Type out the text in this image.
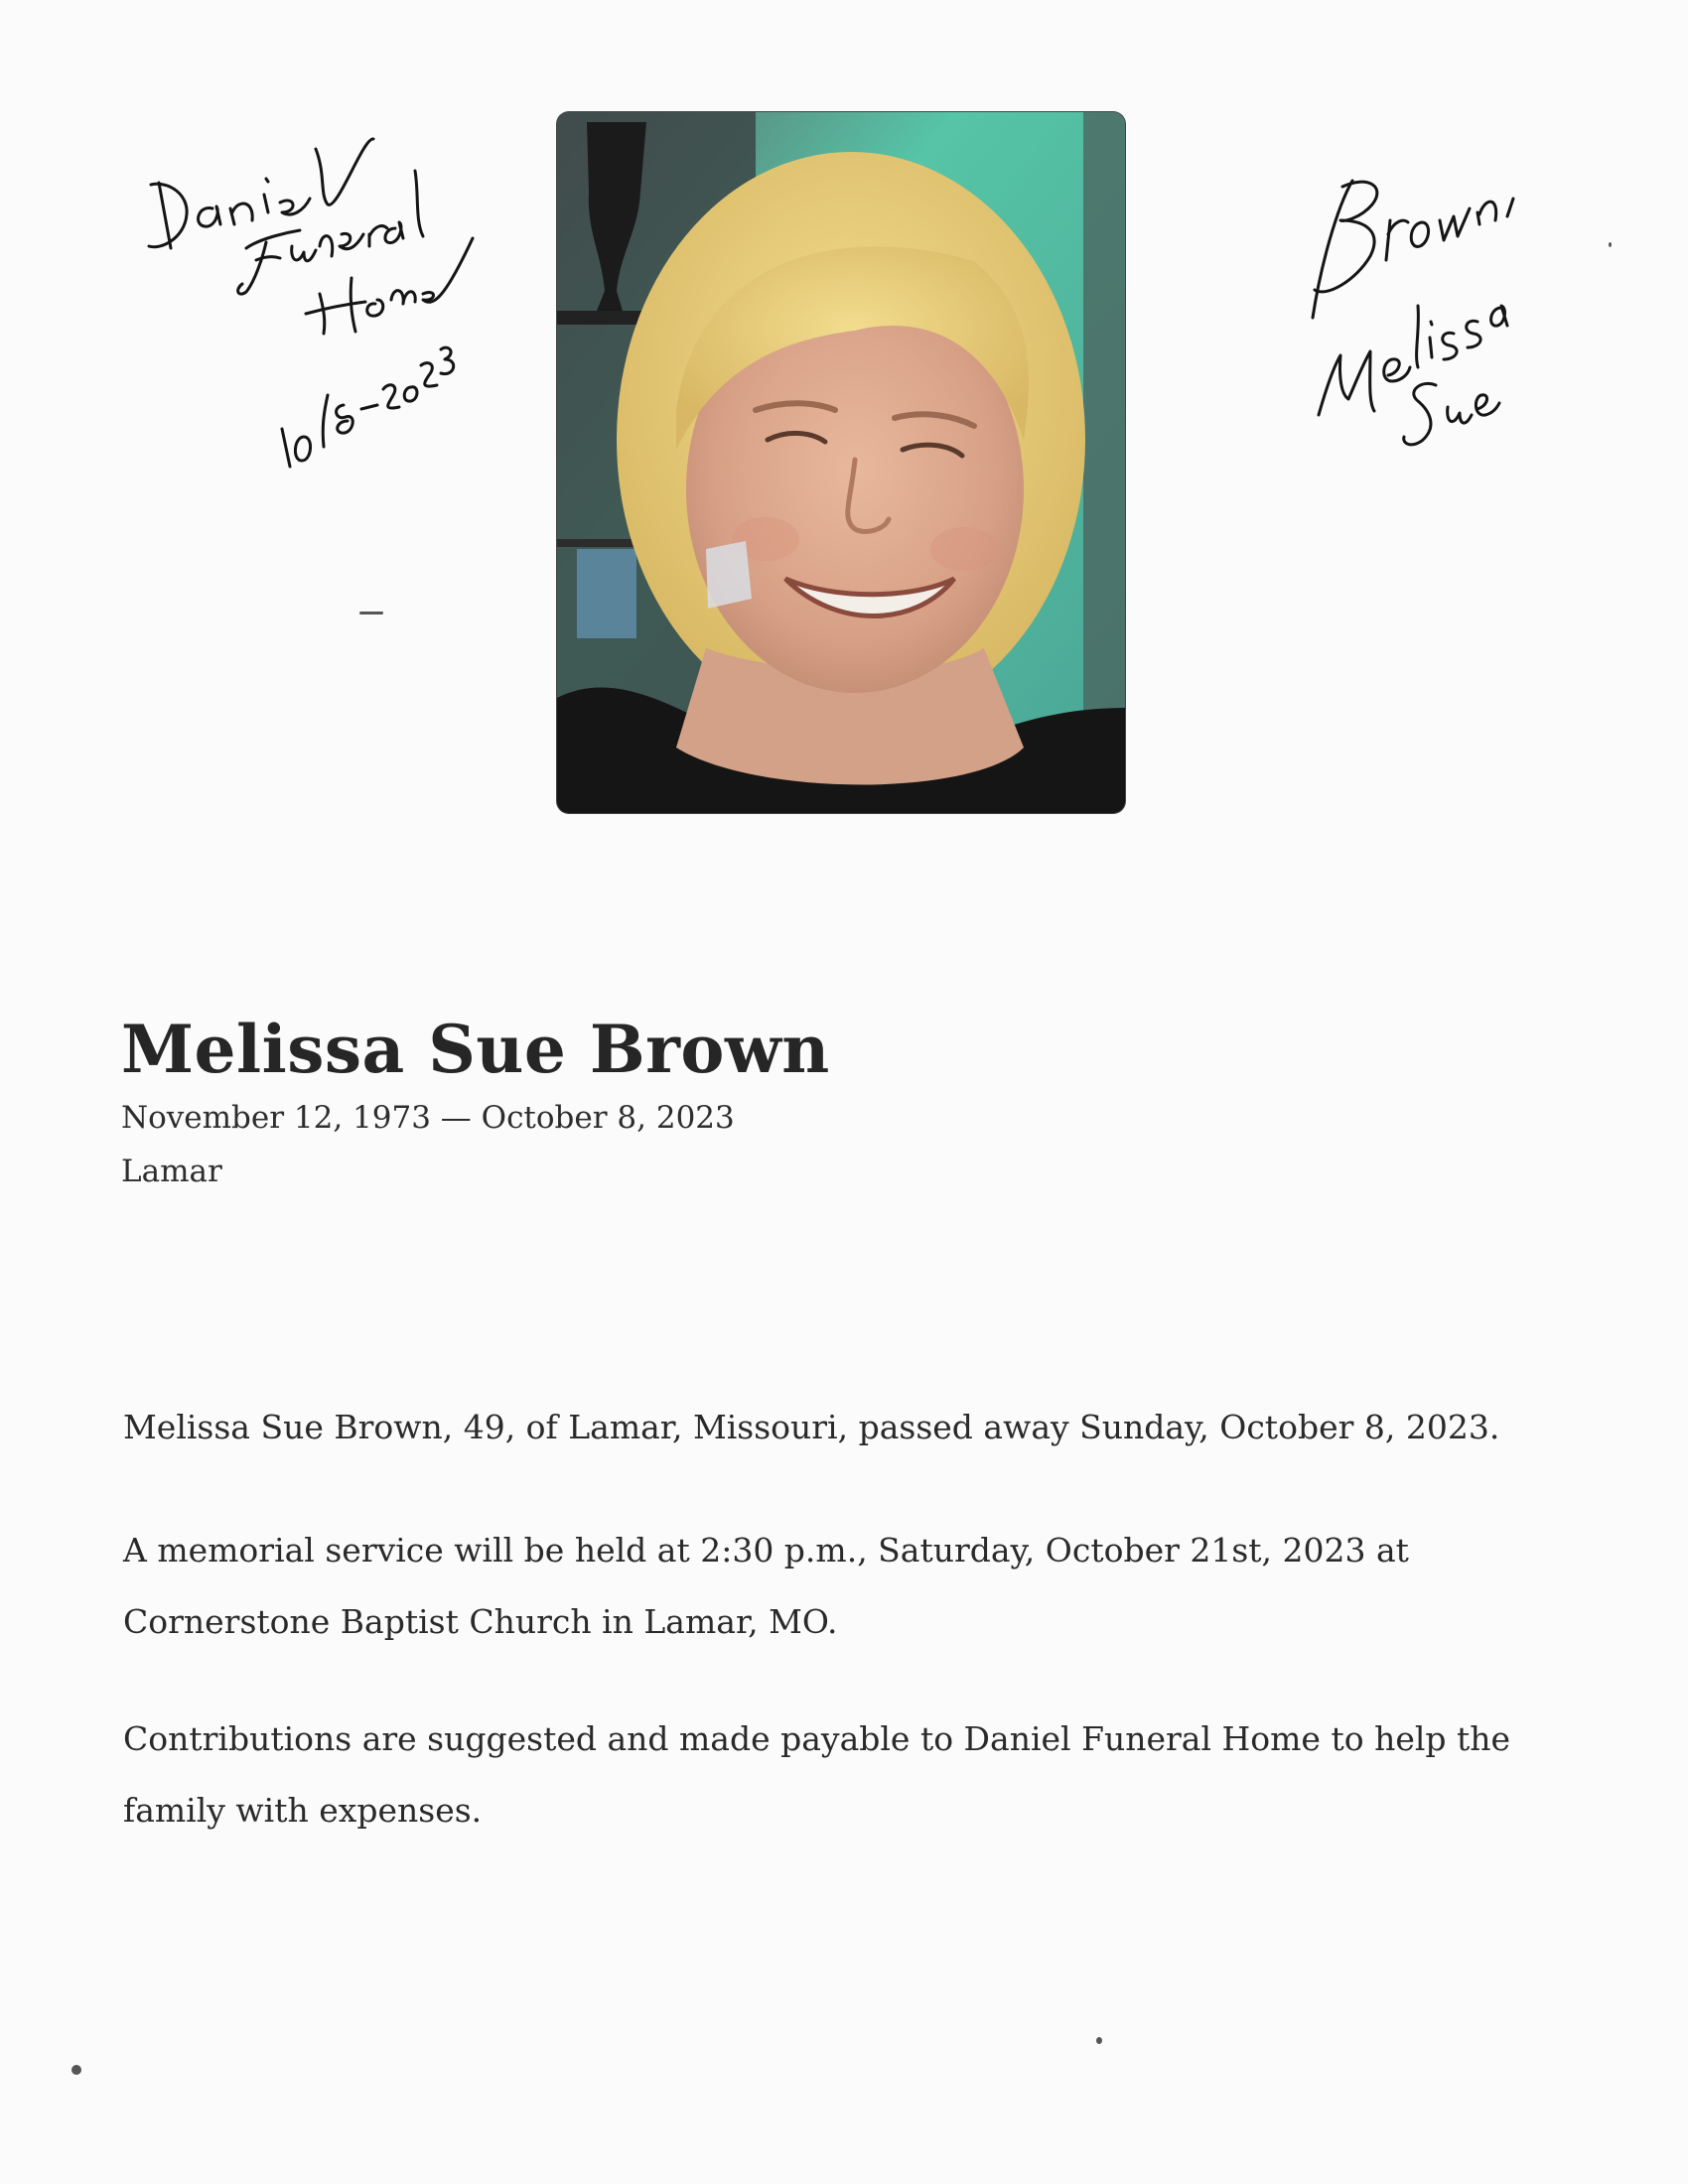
Melissa Sue Brown
November 12, 1973 — October 8, 2023
Lamar

Melissa Sue Brown, 49, of Lamar, Missouri, passed away Sunday, October 8, 2023.

A memorial service will be held at 2:30 p.m., Saturday, October 21st, 2023 at Cornerstone Baptist Church in Lamar, MO.

Contributions are suggested and made payable to Daniel Funeral Home to help the family with expenses.
